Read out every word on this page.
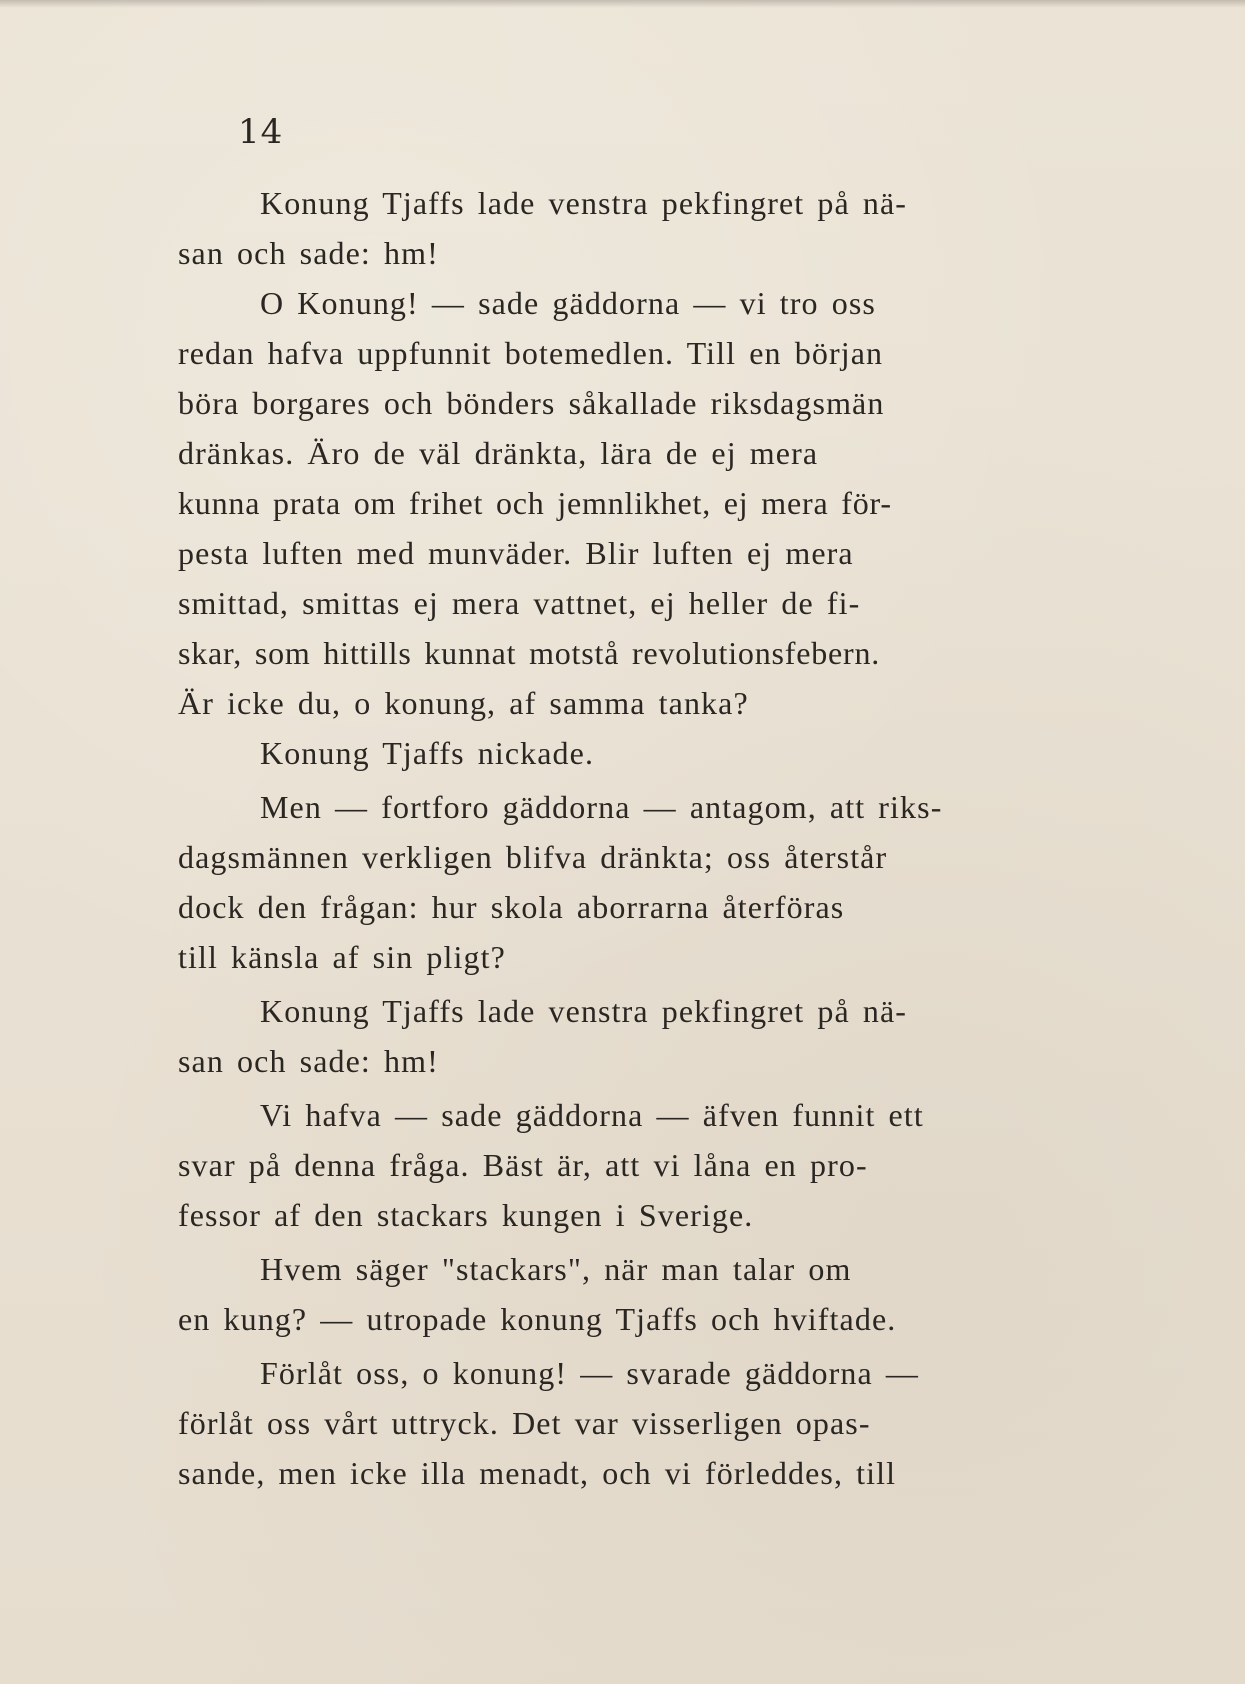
14
Konung Tjaffs lade venstra pekfingret på nä-
san och sade: hm!
O Konung! — sade gäddorna — vi tro oss
redan hafva uppfunnit botemedlen. Till en början
böra borgares och bönders såkallade riksdagsmän
dränkas. Äro de väl dränkta, lära de ej mera
kunna prata om frihet och jemnlikhet, ej mera för-
pesta luften med munväder. Blir luften ej mera
smittad, smittas ej mera vattnet, ej heller de fi-
skar, som hittills kunnat motstå revolutionsfebern.
Är icke du, o konung, af samma tanka?
Konung Tjaffs nickade.
Men — fortforo gäddorna — antagom, att riks-
dagsmännen verkligen blifva dränkta; oss återstår
dock den frågan: hur skola aborrarna återföras
till känsla af sin pligt?
Konung Tjaffs lade venstra pekfingret på nä-
san och sade: hm!
Vi hafva — sade gäddorna — äfven funnit ett
svar på denna fråga. Bäst är, att vi låna en pro-
fessor af den stackars kungen i Sverige.
Hvem säger "stackars", när man talar om
en kung? — utropade konung Tjaffs och hviftade.
Förlåt oss, o konung! — svarade gäddorna —
förlåt oss vårt uttryck. Det var visserligen opas-
sande, men icke illa menadt, och vi förleddes, till
